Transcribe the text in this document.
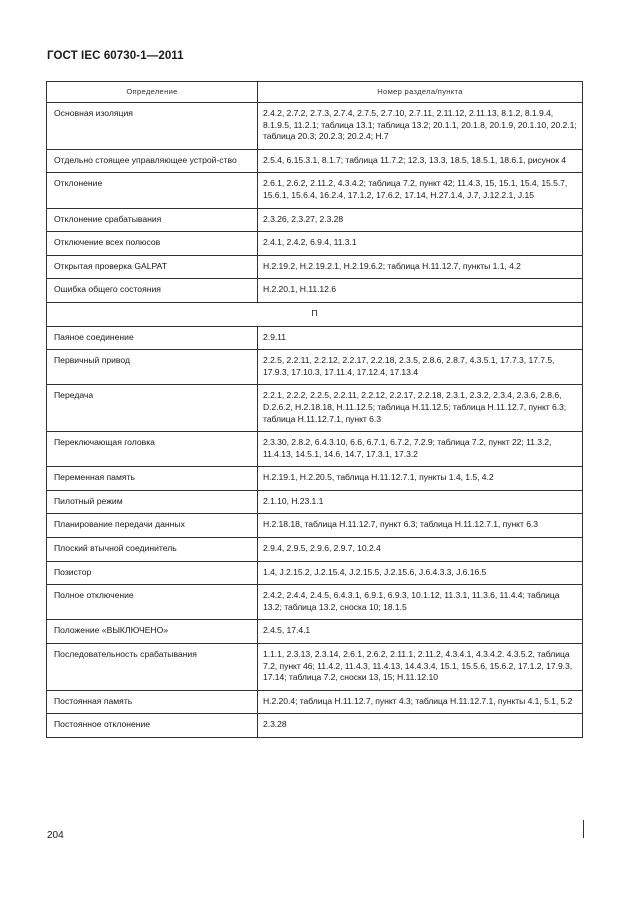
ГОСТ IEC 60730-1—2011
Определение	Номер раздела/пункта
Основная изоляция	2.4.2, 2.7.2, 2.7.3, 2.7.4, 2.7.5, 2.7.10, 2.7.11, 2.11.12, 2.11.13, 8.1.2, 8.1.9.4, 8.1.9.5, 11.2.1; таблица 13.1; таблица 13.2; 20.1.1, 20.1.8, 20.1.9, 20.1.10, 20.2.1; таблица 20.3; 20.2.3; 20.2.4; Н.7
Отдельно стоящее управляющее устрой-ство	2.5.4, 6.15.3.1, 8.1.7; таблица 11.7.2; 12.3, 13.3, 18.5, 18.5.1, 18.6.1, рисунок 4
Отклонение	2.6.1, 2.6.2, 2.11.2, 4.3.4.2; таблица 7.2, пункт 42; 11.4.3, 15, 15.1, 15.4, 15.5.7, 15.6.1, 15.6.4, 16.2.4, 17.1.2, 17.6.2, 17.14, Н.27.1.4, J.7, J.12.2.1, J.15
Отклонение срабатывания	2.3.26, 2.3.27, 2.3.28
Отключение всех полюсов	2.4.1, 2.4.2, 6.9.4, 11.3.1
Открытая проверка GALPAT	Н.2.19.2, Н.2.19.2.1, Н.2.19.6.2; таблица Н.11.12.7, пункты 1.1, 4.2
Ошибка общего состояния	Н.2.20.1, Н.11.12.6
П	
Паяное соединение	2.9.11
Первичный привод	2.2.5, 2.2.11, 2.2.12, 2.2.17, 2.2.18, 2.3.5, 2.8.6, 2.8.7, 4.3.5.1, 17.7.3, 17.7.5, 17.9.3, 17.10.3, 17.11.4, 17.12.4, 17.13.4
Передача	2.2.1, 2.2.2, 2.2.5, 2.2.11, 2.2.12, 2.2.17, 2.2.18, 2.3.1, 2.3.2, 2.3.4, 2.3.6, 2.8.6, D.2.6.2, Н.2.18.18, Н.11.12.5; таблица Н.11.12.5; таблица Н.11.12.7, пункт 6.3; таблица Н.11.12.7.1, пункт 6.3
Переключающая головка	2.3.30, 2.8.2, 6.4.3.10, 6.6, 6.7.1, 6.7.2, 7.2.9; таблица 7.2, пункт 22; 11.3.2, 11.4.13, 14.5.1, 14.6, 14.7, 17.3.1, 17.3.2
Переменная память	Н.2.19.1, Н.2.20.5, таблица Н.11.12.7.1, пункты 1.4, 1.5, 4.2
Пилотный режим	2.1.10, Н.23.1.1
Планирование передачи данных	Н.2.18.18, таблица Н.11.12.7, пункт 6.3; таблица Н.11.12.7.1, пункт 6.3
Плоский втычной соединитель	2.9.4, 2.9.5, 2.9.6, 2.9.7, 10.2.4
Позистор	1.4, J.2.15.2, J.2.15.4, J.2.15.5, J.2.15.6, J.6.4.3.3, J.6.16.5
Полное отключение	2.4.2, 2.4.4, 2.4.5, 6.4.3.1, 6.9.1, 6.9.3, 10.1.12, 11.3.1, 11.3.6, 11.4.4; таблица 13.2; таблица 13.2, сноска 10; 18.1.5
Положение «ВЫКЛЮЧЕНО»	2.4.5, 17.4.1
Последовательность срабатывания	1.1.1, 2.3.13, 2.3.14, 2.6.1, 2.6.2, 2.11.1, 2.11.2, 4.3.4.1, 4.3.4.2. 4.3.5.2, таблица 7.2, пункт 46; 11.4.2, 11.4.3, 11.4.13, 14.4.3.4, 15.1, 15.5.6, 15.6.2, 17.1.2, 17.9.3, 17.14; таблица 7.2, сноски 13, 15; Н.11.12.10
Постоянная память	Н.2.20.4; таблица Н.11.12.7, пункт 4.3; таблица Н.11.12.7.1, пункты 4.1, 5.1, 5.2
Постоянное отклонение	2.3.28
204
